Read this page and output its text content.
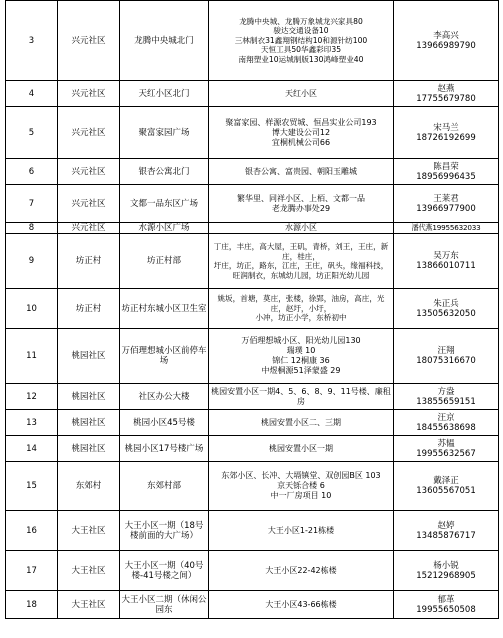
3	兴元社区	龙腾中央城北门	龙腾中央城、龙腾万象城龙兴家具80
骏达交通设备10
三林制衣31鑫翔钢结构10和源针纺100
天恒工具50华鑫彩印35
南翔塑业10运城制版130鸿峰塑业40	李高兴
13966989790
4	兴元社区	天红小区北门	天红小区	赵燕
17755679780
5	兴元社区	聚富家园广场	聚富家园、样源农贸城、恒昌实业公司193
博大建设公司12
宜桐机械公司66	宋马兰
18726192699
6	兴元社区	银杏公寓北门	银杏公寓、富贵园、朝阳玉雕城	陈昌荣
18956996435
7	兴元社区	文都一品东区广场	繁华里、同祥小区、上栢、文都一品
老龙腾办事处29	王莱君
13966977900
8	兴元社区	水源小区广场	水源小区	潘代燕19955632033
9	坊正村	坊正村部	丁庄，丰庄，高大屋，王矶，青桥，刘王，王庄，新庄，桂庄，
圩庄，坊正，路东，江庄，王庄，矾头，缘福科技，旺润制衣，东城幼儿园，坊正阳光幼儿园	吴万东
13866010711
10	坊正村	坊正村东城小区卫生室	姚坂，首塘，莫庄，张楼，徐郢，油房，高庄，光庄，赵圩，小圩，
小冲，坊正小学，东桥初中	朱正兵
13505632050
11	桃园社区	万佰理想城小区前停车场	万佰理想城小区、阳光幼儿园130
瑞璞 10
锦仁 12桐康 36
中煜桐源51泽蒙盛 29	汪翔
18075316670
12	桃园社区	社区办公大楼	桃园安置小区一期4、5、6、8、9、11号楼、廉租房	方盎
13855659151
13	桃园社区	桃园小区45号楼	桃园安置小区二、三期	汪京
18455638698
14	桃园社区	桃园小区17号楼广场	桃园安置小区一期	苏韫
19955632567
15	东郊村	东郊村部	东郊小区、长冲、大塥镇堂、双创园B区 103
京天铄合楼 6
中一厂房项目 10	戴泽正
13605567051
16	大王社区	大王小区一期（18号楼前面的大广场）	大王小区1-21栋楼	赵婷
13485876717
17	大王社区	大王小区一期（40号楼-41号楼之间）	大王小区22-42栋楼	杨小锐
15212968905
18	大王社区	大王小区二期（休闲公园东	大王小区43-66栋楼	郁革
19955650508
